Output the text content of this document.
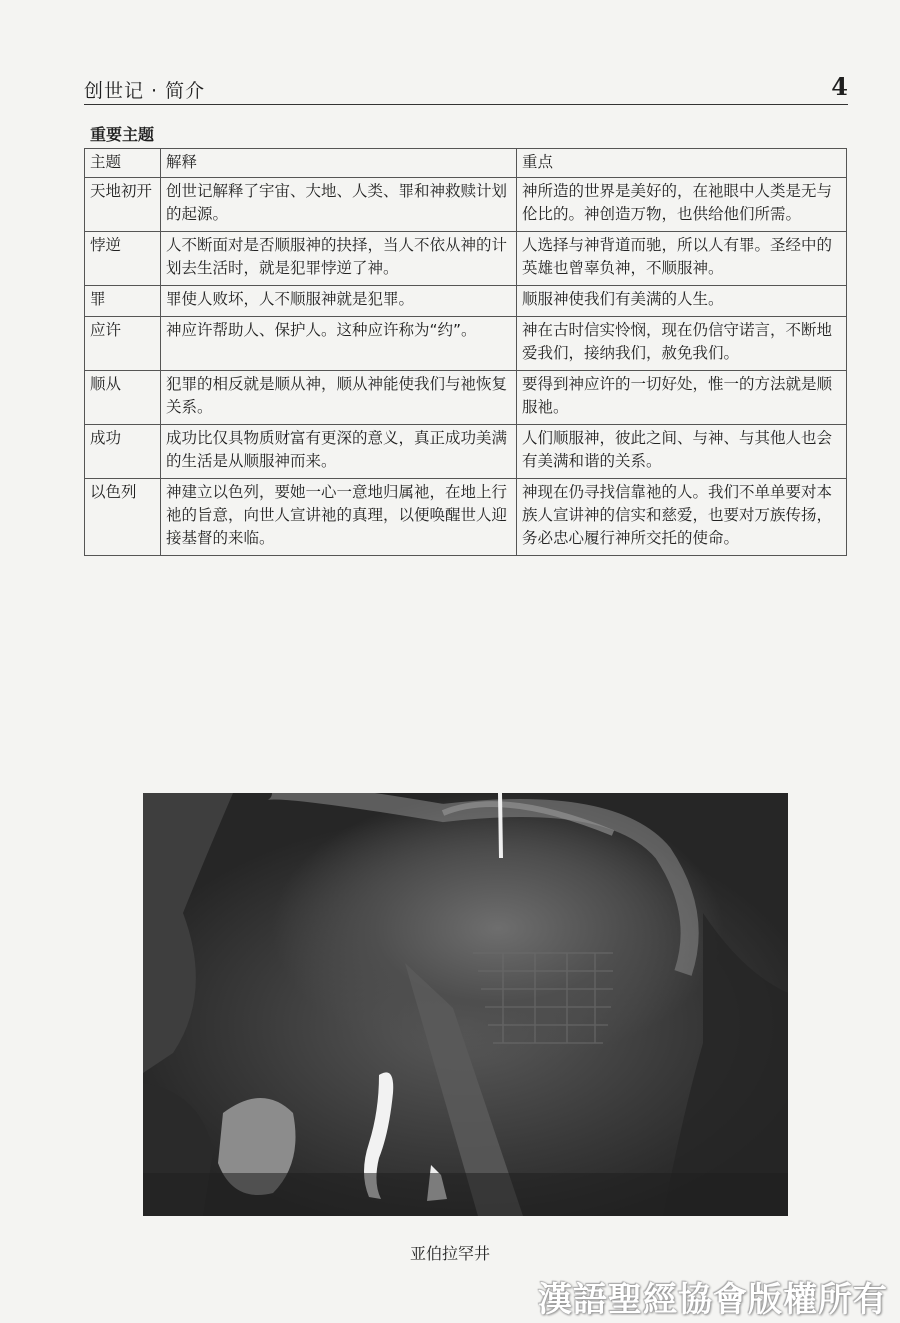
创世记 · 简介	4
重要主题
主题	解释	重点
天地初开	创世记解释了宇宙、大地、人类、罪和神救赎计划的起源。	神所造的世界是美好的，在祂眼中人类是无与伦比的。神创造万物，也供给他们所需。
悖逆	人不断面对是否顺服神的抉择，当人不依从神的计划去生活时，就是犯罪悖逆了神。	人选择与神背道而驰，所以人有罪。圣经中的英雄也曾辜负神，不顺服神。
罪	罪使人败坏，人不顺服神就是犯罪。	顺服神使我们有美满的人生。
应许	神应许帮助人、保护人。这种应许称为“约”。	神在古时信实怜悯，现在仍信守诺言，不断地爱我们，接纳我们，赦免我们。
顺从	犯罪的相反就是顺从神，顺从神能使我们与祂恢复关系。	要得到神应许的一切好处，惟一的方法就是顺服祂。
成功	成功比仅具物质财富有更深的意义，真正成功美满的生活是从顺服神而来。	人们顺服神，彼此之间、与神、与其他人也会有美满和谐的关系。
以色列	神建立以色列，要她一心一意地归属祂，在地上行祂的旨意，向世人宣讲祂的真理，以便唤醒世人迎接基督的来临。	神现在仍寻找信靠祂的人。我们不单单要对本族人宣讲神的信实和慈爱，也要对万族传扬，务必忠心履行神所交托的使命。
亚伯拉罕井
漢語聖經協會版權所有
